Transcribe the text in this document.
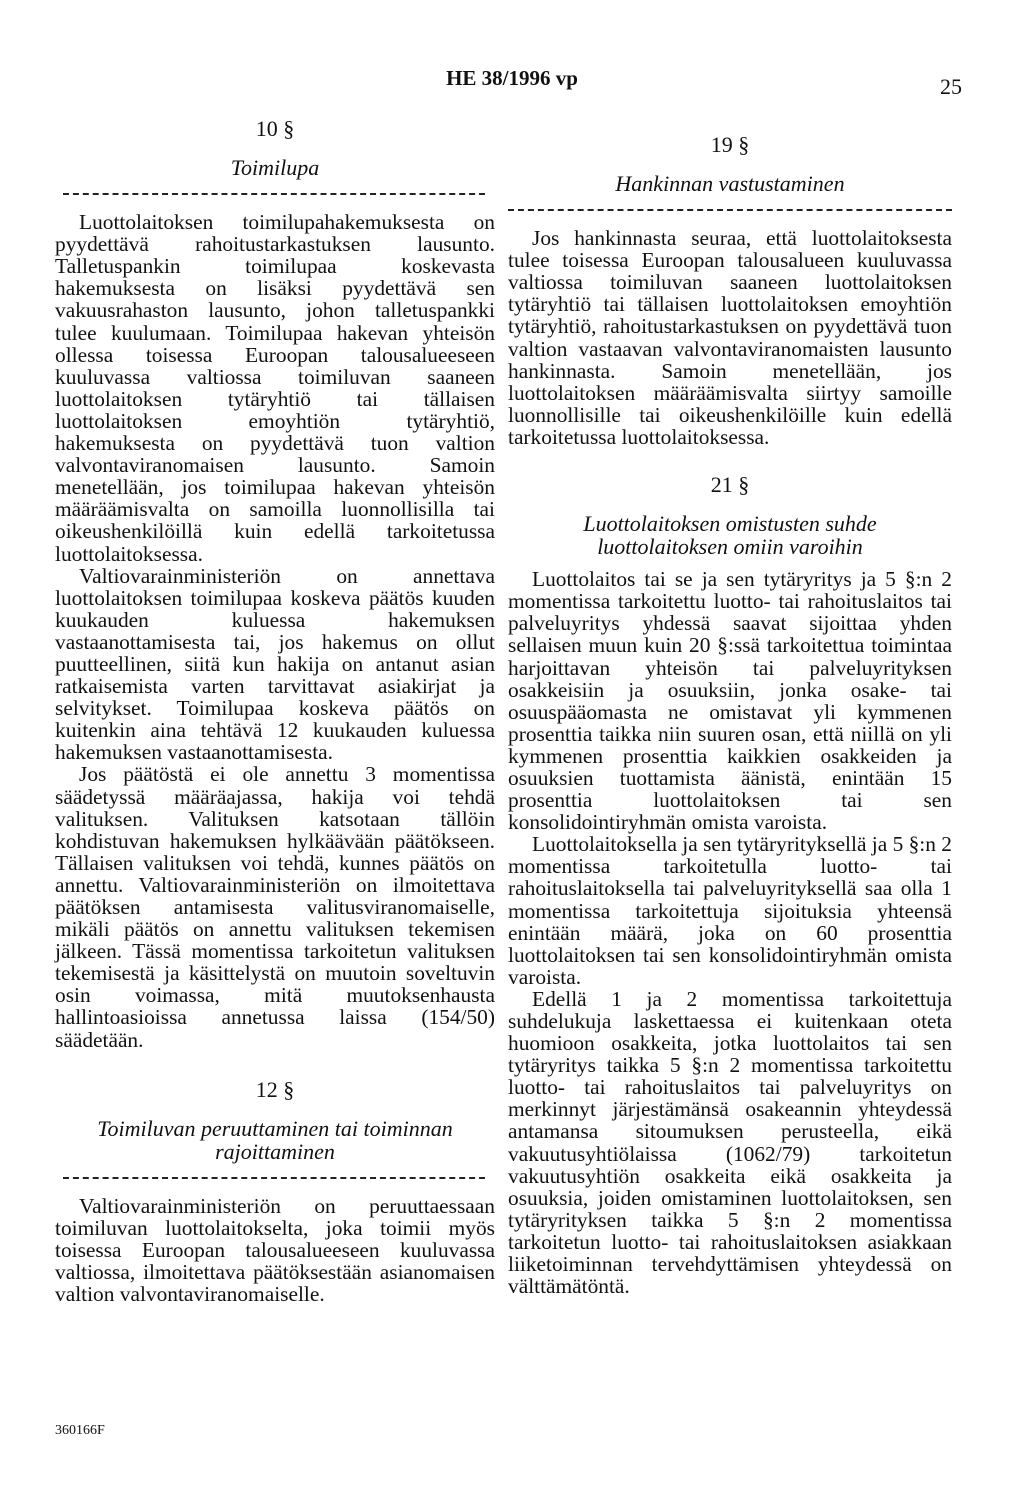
HE 38/1996 vp	25
10 §
Toimilupa

Luottolaitoksen toimilupahakemuksesta on pyydettävä rahoitustarkastuksen lausunto. Talletuspankin toimilupaa koskevasta hakemuksesta on lisäksi pyydettävä sen vakuusrahaston lausunto, johon talletuspankki tulee kuulumaan. Toimilupaa hakevan yhteisön ollessa toisessa Euroopan talousalueeseen kuuluvassa valtiossa toimiluvan saaneen luottolaitoksen tytäryhtiö tai tällaisen luottolaitoksen emoyhtiön tytäryhtiö, hakemuksesta on pyydettävä tuon valtion valvontaviranomaisen lausunto. Samoin menetellään, jos toimilupaa hakevan yhteisön määräämisvalta on samoilla luonnollisilla tai oikeushenkilöillä kuin edellä tarkoitetussa luottolaitoksessa.

Valtiovarainministeriön on annettava luottolaitoksen toimilupaa koskeva päätös kuuden kuukauden kuluessa hakemuksen vastaanottamisesta tai, jos hakemus on ollut puutteellinen, siitä kun hakija on antanut asian ratkaisemista varten tarvittavat asiakirjat ja selvitykset. Toimilupaa koskeva päätös on kuitenkin aina tehtävä 12 kuukauden kuluessa hakemuksen vastaanottamisesta.

Jos päätöstä ei ole annettu 3 momentissa säädetyssä määräajassa, hakija voi tehdä valituksen. Valituksen katsotaan tällöin kohdistuvan hakemuksen hylkäävään päätökseen. Tällaisen valituksen voi tehdä, kunnes päätös on annettu. Valtiovarainministeriön on ilmoitettava päätöksen antamisesta valitusviranomaiselle, mikäli päätös on annettu valituksen tekemisen jälkeen. Tässä momentissa tarkoitetun valituksen tekemisestä ja käsittelystä on muutoin soveltuvin osin voimassa, mitä muutoksenhausta hallintoasioissa annetussa laissa (154/50) säädetään.

12 §
Toimiluvan peruuttaminen tai toiminnan rajoittaminen

Valtiovarainministeriön on peruuttaessaan toimiluvan luottolaitokselta, joka toimii myös toisessa Euroopan talousalueeseen kuuluvassa valtiossa, ilmoitettava päätöksestään asianomaisen valtion valvontaviranomaiselle.

19 §
Hankinnan vastustaminen

Jos hankinnasta seuraa, että luottolaitoksesta tulee toisessa Euroopan talousalueen kuuluvassa valtiossa toimiluvan saaneen luottolaitoksen tytäryhtiö tai tällaisen luottolaitoksen emoyhtiön tytäryhtiö, rahoitustarkastuksen on pyydettävä tuon valtion vastaavan valvontaviranomaisten lausunto hankinnasta. Samoin menetellään, jos luottolaitoksen määräämisvalta siirtyy samoille luonnollisille tai oikeushenkilöille kuin edellä tarkoitetussa luottolaitoksessa.

21 §
Luottolaitoksen omistusten suhde luottolaitoksen omiin varoihin

Luottolaitos tai se ja sen tytäryritys ja 5 §:n 2 momentissa tarkoitettu luotto- tai rahoituslaitos tai palveluyritys yhdessä saavat sijoittaa yhden sellaisen muun kuin 20 §:ssä tarkoitettua toimintaa harjoittavan yhteisön tai palveluyrityksen osakkeisiin ja osuuksiin, jonka osake- tai osuuspääomasta ne omistavat yli kymmenen prosenttia taikka niin suuren osan, että niillä on yli kymmenen prosenttia kaikkien osakkeiden ja osuuksien tuottamista äänistä, enintään 15 prosenttia luottolaitoksen tai sen konsolidointiryhmän omista varoista.

Luottolaitoksella ja sen tytäryrityksellä ja 5 §:n 2 momentissa tarkoitetulla luotto- tai rahoituslaitoksella tai palveluyrityksellä saa olla 1 momentissa tarkoitettuja sijoituksia yhteensä enintään määrä, joka on 60 prosenttia luottolaitoksen tai sen konsolidointiryhmän omista varoista.

Edellä 1 ja 2 momentissa tarkoitettuja suhdelukuja laskettaessa ei kuitenkaan oteta huomioon osakkeita, jotka luottolaitos tai sen tytäryritys taikka 5 §:n 2 momentissa tarkoitettu luotto- tai rahoituslaitos tai palveluyritys on merkinnyt järjestämänsä osakeannin yhteydessä antamansa sitoumuksen perusteella, eikä vakuutusyhtiölaissa (1062/79) tarkoitetun vakuutusyhtiön osakkeita eikä osakkeita ja osuuksia, joiden omistaminen luottolaitoksen, sen tytäryrityksen taikka 5 §:n 2 momentissa tarkoitetun luotto- tai rahoituslaitoksen asiakkaan liiketoiminnan tervehdyttämisen yhteydessä on välttämätöntä.

360166F
